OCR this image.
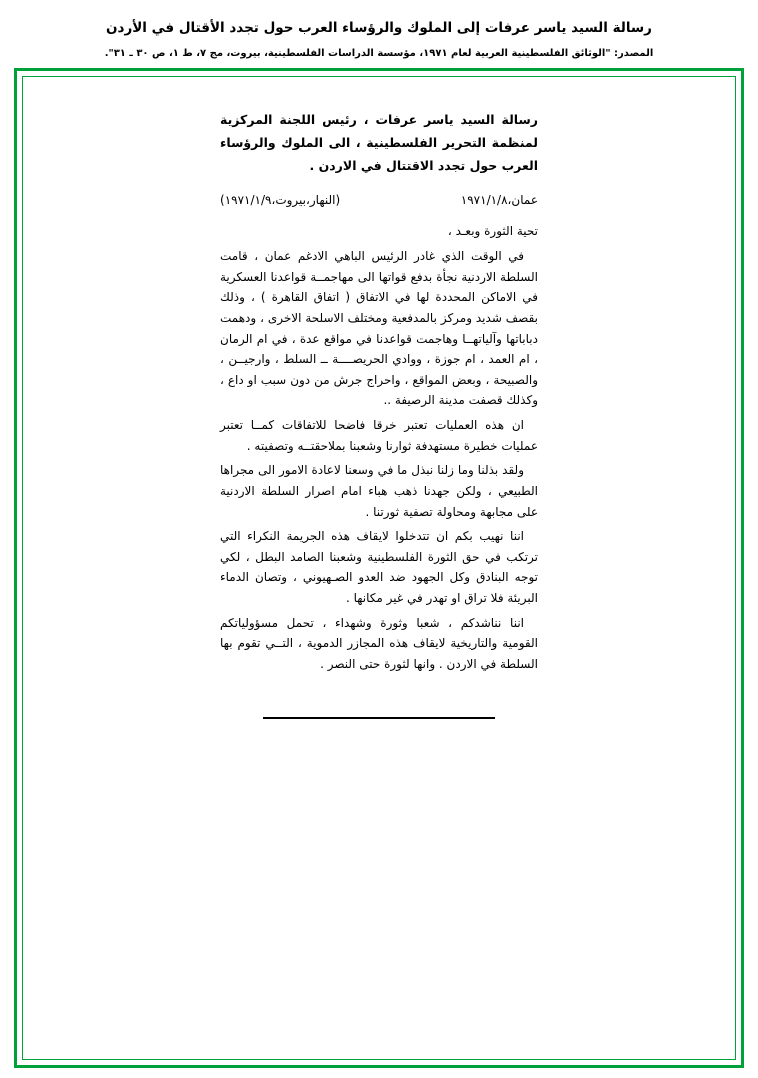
رسالة السيد ياسر عرفات إلى الملوك والرؤساء العرب حول تجدد الأقتال في الأردن
المصدر: "الوثائق الفلسطينية العربية لعام ١٩٧١، مؤسسة الدراسات الفلسطينية، بيروت، مج ٧، ط ١، ص ٣٠ ـ ٣١".
رسالة السيد ياسر عرفات ، رئيس اللجنة المركزية لمنظمة التحرير الفلسطينية ، الى الملوك والرؤساء العرب حول تجدد الاقتتال في الاردن .
عمان،١٩٧١/١/٨
(النهار،بيروت،١٩٧١/١/٩)

تحية الثورة وبعـد ،

في الوقت الذي غادر الرئيس الباهي الادغم عمان ، قامت السلطة الاردنية نجأة بدفع قواتها الى مهاجمــة قواعدنا العسكرية في الاماكن المحددة لها في الاتفاق ( اتفاق القاهرة ) ، وذلك بقصف شديد ومركز بالمدفعية ومختلف الاسلحة الاخرى ، ودهمت دباباتها وآلياتهــا وهاجمت قواعدنا في مواقع عدة ، في ام الرمان ، ام العمد ، ام جوزة ، ووادي الحريصــــة ــ السلط ، وارجيــن ، والصبيحة ، وبعض المواقع ، واحراج جرش من دون سبب او داع ، وكذلك قصفت مدينة الرصيفة ..

ان هذه العمليات تعتبر خرقا فاضحا للاتفاقات كمــا تعتبر عمليات خطيرة مستهدفة ثوارنا وشعبنا بملاحقتــه وتصفيته .

ولقد بذلنا وما زلنا نبذل ما في وسعنا لاعادة الامور الى مجراها الطبيعي ، ولكن جهدنا ذهب هباء امام اصرار السلطة الاردنية على مجابهة ومحاولة تصفية ثورتنا .

اننا نهيب بكم ان تتدخلوا لايقاف هذه الجريمة النكراء التي ترتكب في حق الثورة الفلسطينية وشعبنا الصامد البطل ، لكي توجه البنادق وكل الجهود ضد العدو الصـهيوني ، وتصان الدماء البريئة فلا تراق او تهدر في غير مكانها .

اننا نناشدكم ، شعبا وثورة وشهداء ، تحمل مسؤولياتكم القومية والتاريخية لايقاف هذه المجازر الدموية ، التــي تقوم بها السلطة في الاردن . وانها لثورة حتى النصر .
